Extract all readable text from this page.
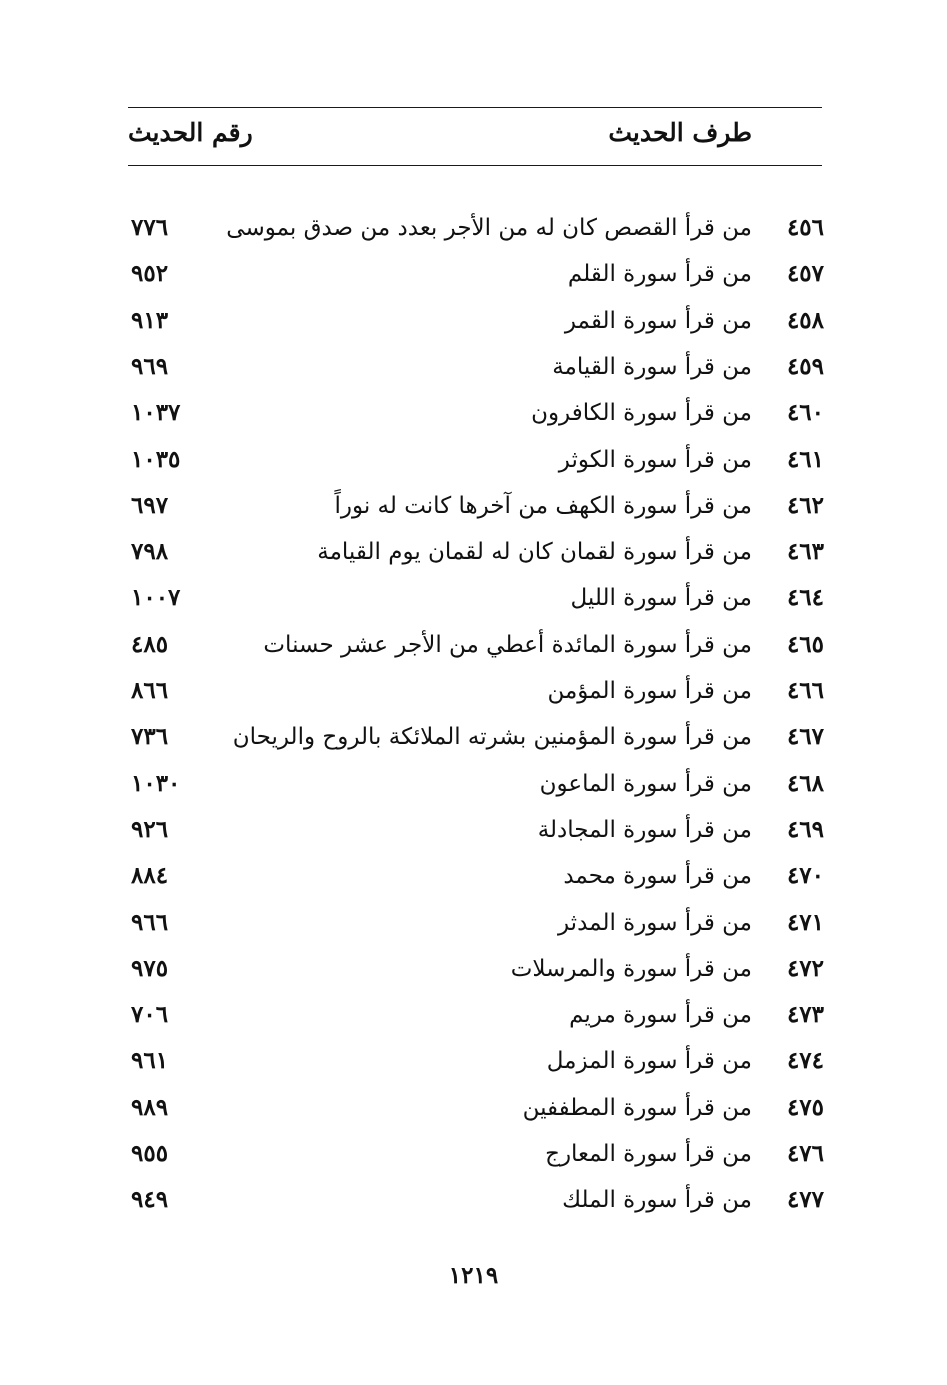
طرف الحديث
رقم الحديث
٤٥٦
من قرأ القصص كان له من الأجر بعدد من صدق بموسى
٧٧٦
٤٥٧
من قرأ سورة القلم
٩٥٢
٤٥٨
من قرأ سورة القمر
٩١٣
٤٥٩
من قرأ سورة القيامة
٩٦٩
٤٦٠
من قرأ سورة الكافرون
١٠٣٧
٤٦١
من قرأ سورة الكوثر
١٠٣٥
٤٦٢
من قرأ سورة الكهف من آخرها كانت له نوراً
٦٩٧
٤٦٣
من قرأ سورة لقمان كان له لقمان يوم القيامة
٧٩٨
٤٦٤
من قرأ سورة الليل
١٠٠٧
٤٦٥
من قرأ سورة المائدة أعطي من الأجر عشر حسنات
٤٨٥
٤٦٦
من قرأ سورة المؤمن
٨٦٦
٤٦٧
من قرأ سورة المؤمنين بشرته الملائكة بالروح والريحان
٧٣٦
٤٦٨
من قرأ سورة الماعون
١٠٣٠
٤٦٩
من قرأ سورة المجادلة
٩٢٦
٤٧٠
من قرأ سورة محمد
٨٨٤
٤٧١
من قرأ سورة المدثر
٩٦٦
٤٧٢
من قرأ سورة والمرسلات
٩٧٥
٤٧٣
من قرأ سورة مريم
٧٠٦
٤٧٤
من قرأ سورة المزمل
٩٦١
٤٧٥
من قرأ سورة المطففين
٩٨٩
٤٧٦
من قرأ سورة المعارج
٩٥٥
٤٧٧
من قرأ سورة الملك
٩٤٩
١٢١٩
